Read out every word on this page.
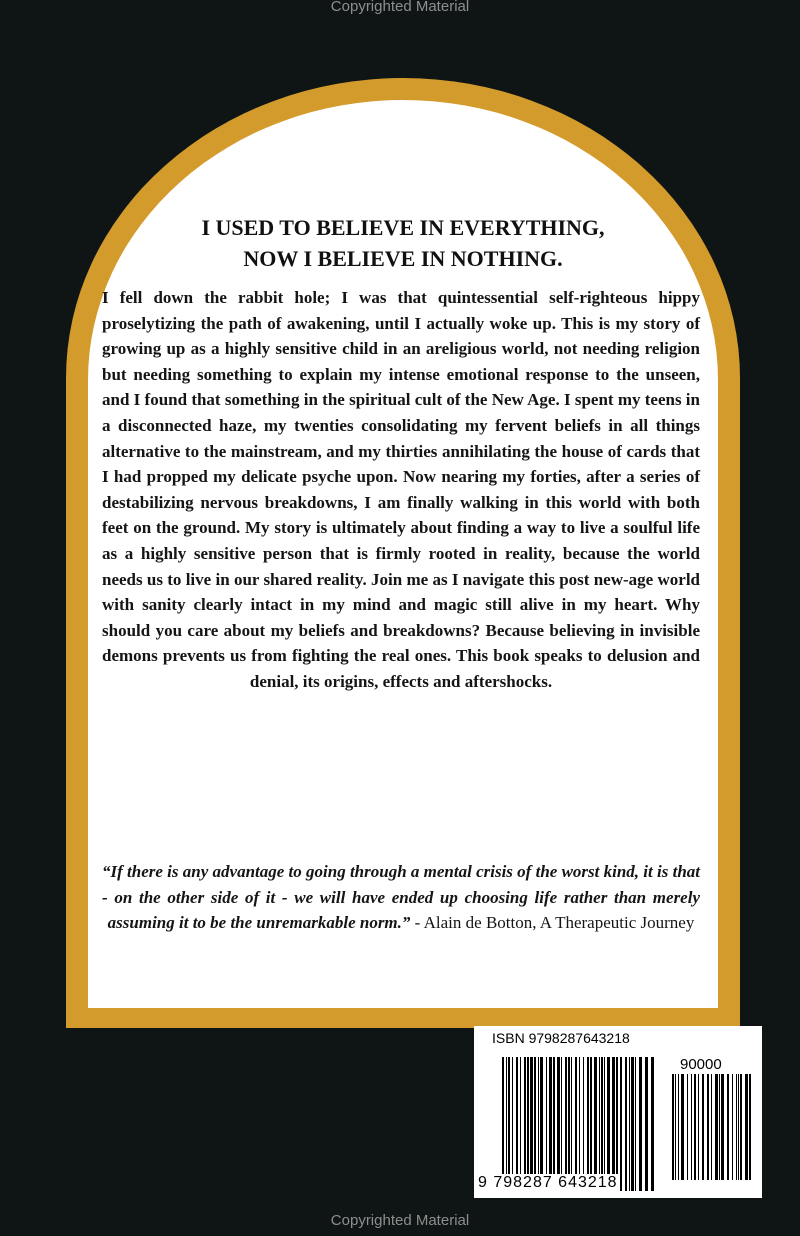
Copyrighted Material
I USED TO BELIEVE IN EVERYTHING,
NOW I BELIEVE IN NOTHING.
I fell down the rabbit hole; I was that quintessential self-righteous hippy proselytizing the path of awakening, until I actually woke up. This is my story of growing up as a highly sensitive child in an areligious world, not needing religion but needing something to explain my intense emotional response to the unseen, and I found that something in the spiritual cult of the New Age. I spent my teens in a disconnected haze, my twenties consolidating my fervent beliefs in all things alternative to the mainstream, and my thirties annihilating the house of cards that I had propped my delicate psyche upon. Now nearing my forties, after a series of destabilizing nervous breakdowns, I am finally walking in this world with both feet on the ground. My story is ultimately about finding a way to live a soulful life as a highly sensitive person that is firmly rooted in reality, because the world needs us to live in our shared reality. Join me as I navigate this post new-age world with sanity clearly intact in my mind and magic still alive in my heart. Why should you care about my beliefs and breakdowns? Because believing in invisible demons prevents us from fighting the real ones. This book speaks to delusion and denial, its origins, effects and aftershocks.
“If there is any advantage to going through a mental crisis of the worst kind, it is that - on the other side of it - we will have ended up choosing life rather than merely assuming it to be the unremarkable norm.” - Alain de Botton, A Therapeutic Journey
ISBN 9798287643218
90000
9 798287 643218
Copyrighted Material
